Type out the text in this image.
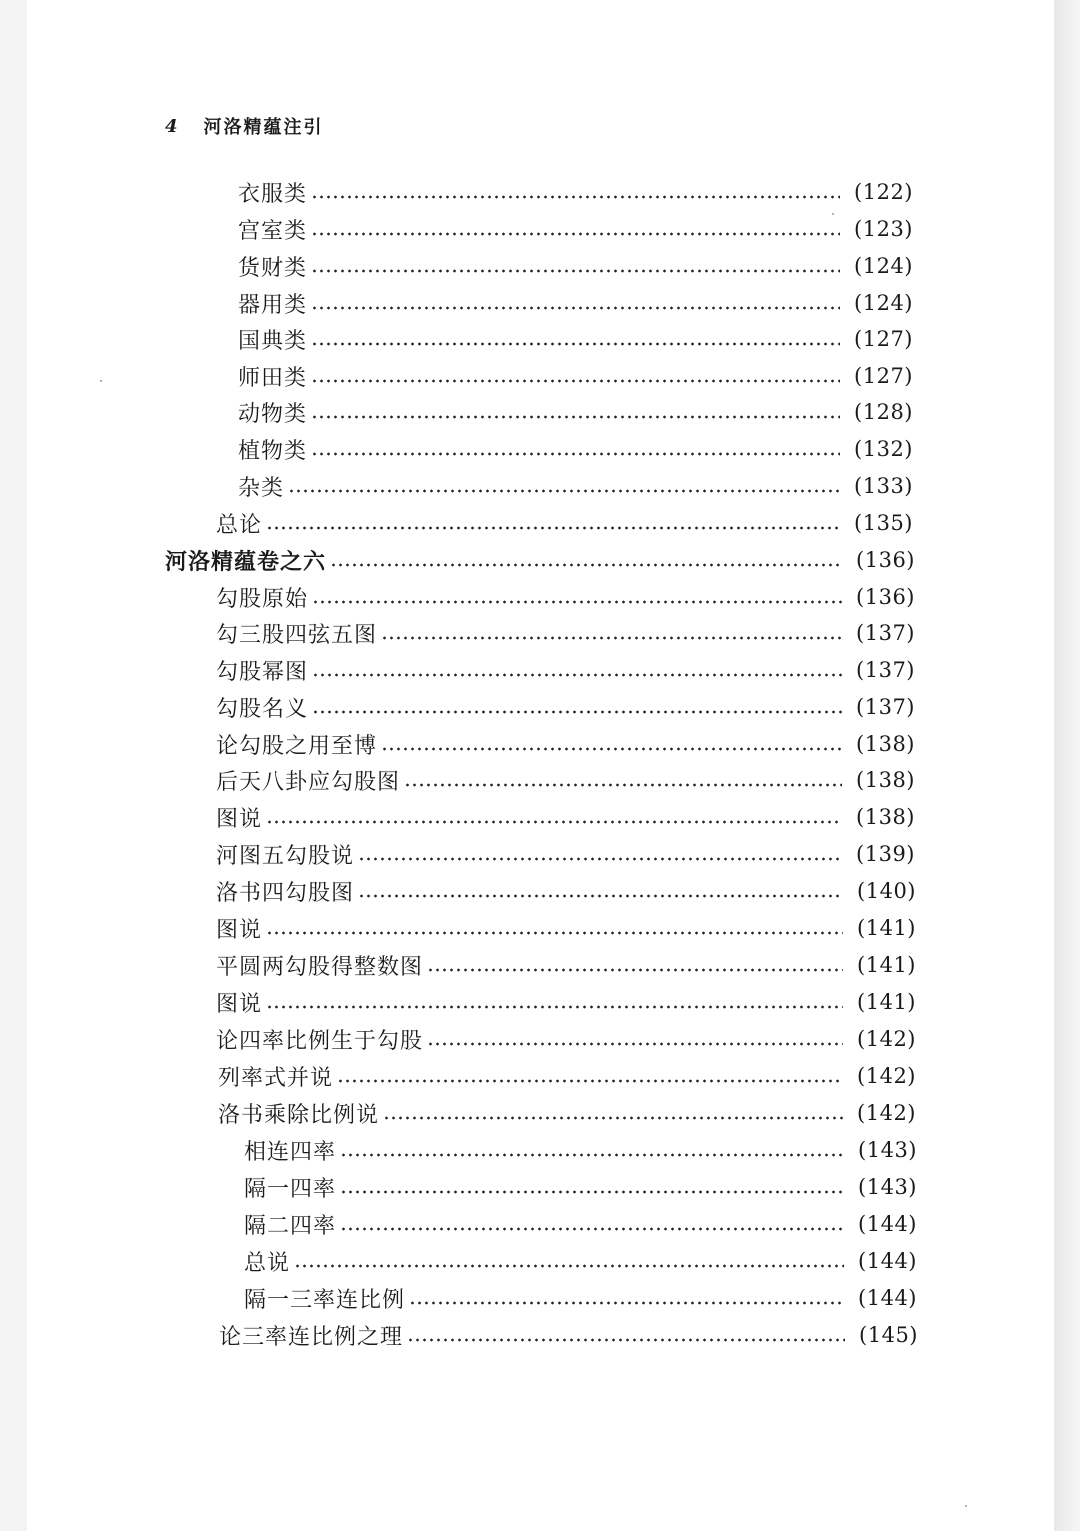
4 河洛精蕴注引
衣服类	(122)
宫室类	(123)
货财类	(124)
器用类	(124)
国典类	(127)
师田类	(127)
动物类	(128)
植物类	(132)
杂类	(133)
总论	(135)
河洛精蕴卷之六	(136)
勾股原始	(136)
勾三股四弦五图	(137)
勾股幂图	(137)
勾股名义	(137)
论勾股之用至博	(138)
后天八卦应勾股图	(138)
图说	(138)
河图五勾股说	(139)
洛书四勾股图	(140)
图说	(141)
平圆两勾股得整数图	(141)
图说	(141)
论四率比例生于勾股	(142)
列率式并说	(142)
洛书乘除比例说	(142)
相连四率	(143)
隔一四率	(143)
隔二四率	(144)
总说	(144)
隔一三率连比例	(144)
论三率连比例之理	(145)
